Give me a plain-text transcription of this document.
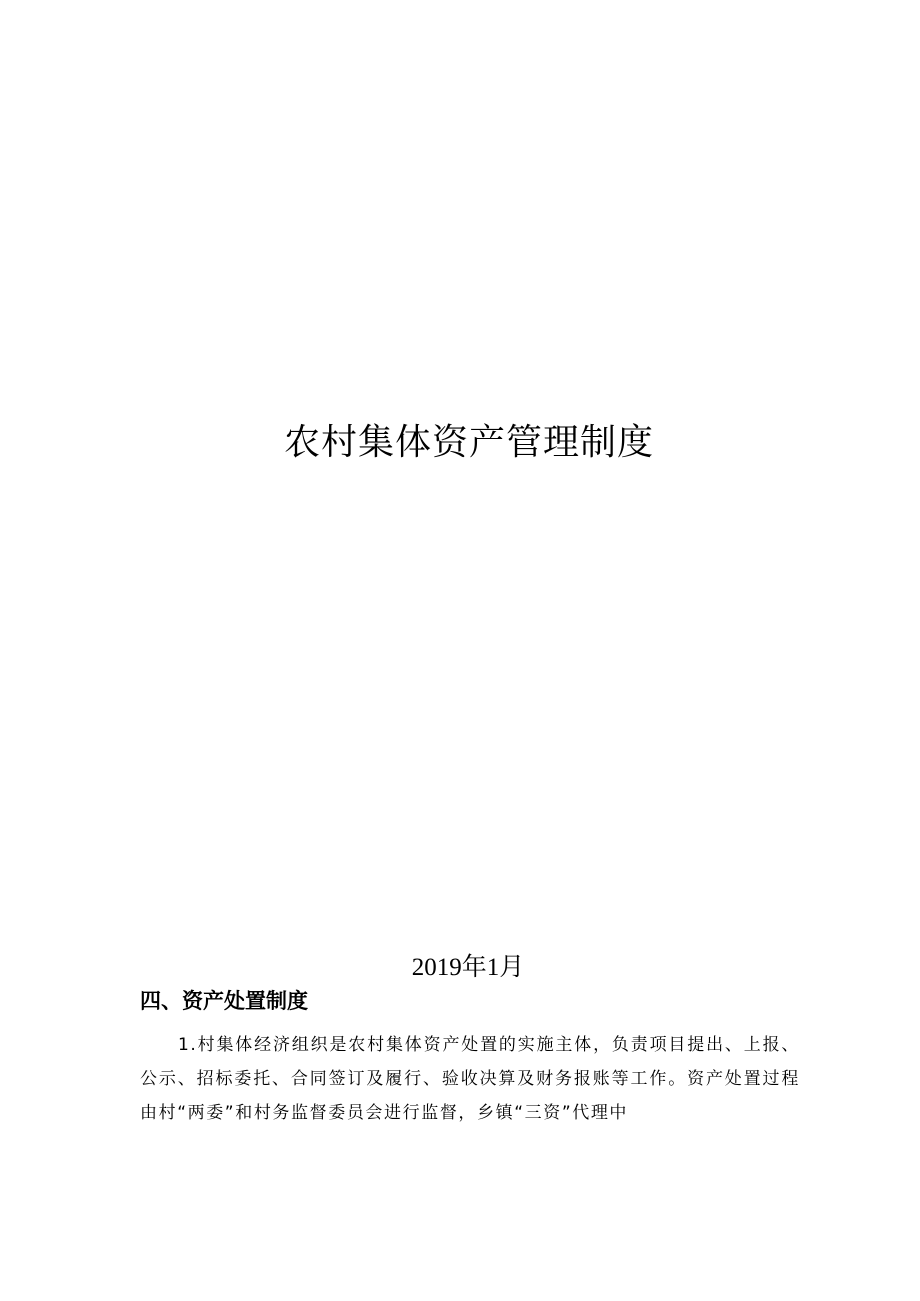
农村集体资产管理制度
2019年1月
四、资产处置制度
1.村集体经济组织是农村集体资产处置的实施主体，负责项目提出、上报、公示、招标委托、合同签订及履行、验收决算及财务报账等工作。资产处置过程由村“两委”和村务监督委员会进行监督，乡镇“三资”代理中
